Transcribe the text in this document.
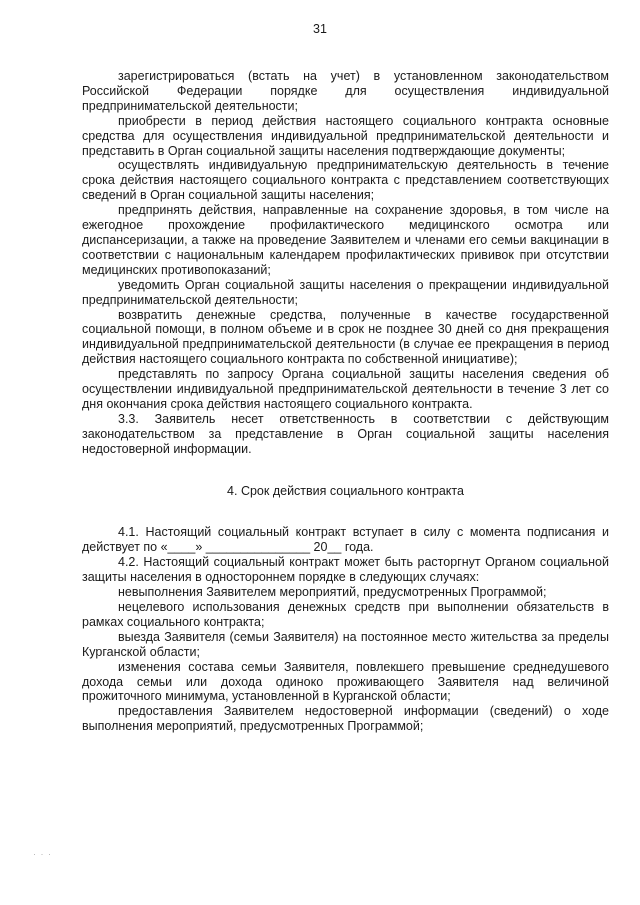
31

зарегистрироваться (встать на учет) в установленном законодательством Российской Федерации порядке для осуществления индивидуальной предпринимательской деятельности;

приобрести в период действия настоящего социального контракта основные средства для осуществления индивидуальной предпринимательской деятельности и представить в Орган социальной защиты населения подтверждающие документы;

осуществлять индивидуальную предпринимательскую деятельность в течение срока действия настоящего социального контракта с представлением соответствующих сведений в Орган социальной защиты населения;

предпринять действия, направленные на сохранение здоровья, в том числе на ежегодное прохождение профилактического медицинского осмотра или диспансеризации, а также на проведение Заявителем и членами его семьи вакцинации в соответствии с национальным календарем профилактических прививок при отсутствии медицинских противопоказаний;

уведомить Орган социальной защиты населения о прекращении индивидуальной предпринимательской деятельности;

возвратить денежные средства, полученные в качестве государственной социальной помощи, в полном объеме и в срок не позднее 30 дней со дня прекращения индивидуальной предпринимательской деятельности (в случае ее прекращения в период действия настоящего социального контракта по собственной инициативе);

представлять по запросу Органа социальной защиты населения сведения об осуществлении индивидуальной предпринимательской деятельности в течение 3 лет со дня окончания срока действия настоящего социального контракта.

3.3. Заявитель несет ответственность в соответствии с действующим законодательством за представление в Орган социальной защиты населения недостоверной информации.

4. Срок действия социального контракта

4.1. Настоящий социальный контракт вступает в силу с момента подписания и действует по «____» _______________ 20__ года.

4.2. Настоящий социальный контракт может быть расторгнут Органом социальной защиты населения в одностороннем порядке в следующих случаях:

невыполнения Заявителем мероприятий, предусмотренных Программой;

нецелевого использования денежных средств при выполнении обязательств в рамках социального контракта;

выезда Заявителя (семьи Заявителя) на постоянное место жительства за пределы Курганской области;

изменения состава семьи Заявителя, повлекшего превышение среднедушевого дохода семьи или дохода одиноко проживающего Заявителя над величиной прожиточного минимума, установленной в Курганской области;

предоставления Заявителем недостоверной информации (сведений) о ходе выполнения мероприятий, предусмотренных Программой;

· · ·
